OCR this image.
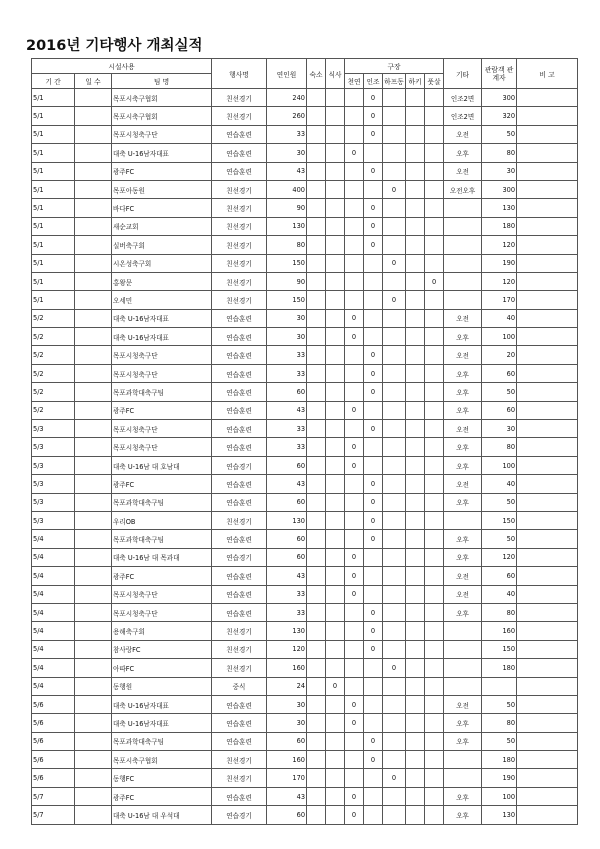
2016년 기타행사 개최실적
시설사용			행사명	연인원	숙소	식사	구장					기타	관람객 관계자	비 고
기 간	일 수	팀 명					천연	인조	하프동	하키	풋살			
5/1		목포시축구협회	친선경기	240				0				인조2면	300	
5/1		목포시축구협회	친선경기	260				0				인조2면	320	
5/1		목포시청축구단	연습훈련	33				0				오전	50	
5/1		대축 U-16남자대표	연습훈련	30			0					오후	80	
5/1		광주FC	연습훈련	43				0				오전	30	
5/1		목포아동원	친선경기	400					0			오전오후	300	
5/1		바다FC	친선경기	90				0					130	
5/1		새순교회	친선경기	130				0					180	
5/1		실버축구회	친선경기	80				0					120	
5/1		시온성축구회	친선경기	150					0				190	
5/1		홍왕문	친선경기	90							0		120	
5/1		오세민	친선경기	150					0				170	
5/2		대축 U-16남자대표	연습훈련	30			0					오전	40	
5/2		대축 U-16남자대표	연습훈련	30			0					오후	100	
5/2		목포시청축구단	연습훈련	33				0				오전	20	
5/2		목포시청축구단	연습훈련	33				0				오후	60	
5/2		목포과학대축구팀	연습훈련	60				0				오후	50	
5/2		광주FC	연습훈련	43			0					오후	60	
5/3		목포시청축구단	연습훈련	33				0				오전	30	
5/3		목포시청축구단	연습훈련	33			0					오후	80	
5/3		대축 U-16남 대 호남대	연습경기	60			0					오후	100	
5/3		광주FC	연습훈련	43				0				오전	40	
5/3		목포과학대축구팀	연습훈련	60				0				오후	50	
5/3		우리OB	친선경기	130				0					150	
5/4		목포과학대축구팀	연습훈련	60				0				오후	50	
5/4		대축 U-16남 대 목과대	연습경기	60			0					오후	120	
5/4		광주FC	연습훈련	43			0					오전	60	
5/4		목포시청축구단	연습훈련	33			0					오전	40	
5/4		목포시청축구단	연습훈련	33				0				오후	80	
5/4		용해축구회	친선경기	130				0					160	
5/4		참사랑FC	친선경기	120				0					150	
5/4		아따FC	친선경기	160					0				180	
5/4		동행원	중식	24		0								
5/6		대축 U-16남자대표	연습훈련	30			0					오전	50	
5/6		대축 U-16남자대표	연습훈련	30			0					오후	80	
5/6		목포과학대축구팀	연습훈련	60				0				오후	50	
5/6		목포시축구협회	친선경기	160				0					180	
5/6		동행FC	친선경기	170					0				190	
5/7		광주FC	연습훈련	43			0					오후	100	
5/7		대축 U-16남 대 우석대	연습경기	60			0					오후	130	
